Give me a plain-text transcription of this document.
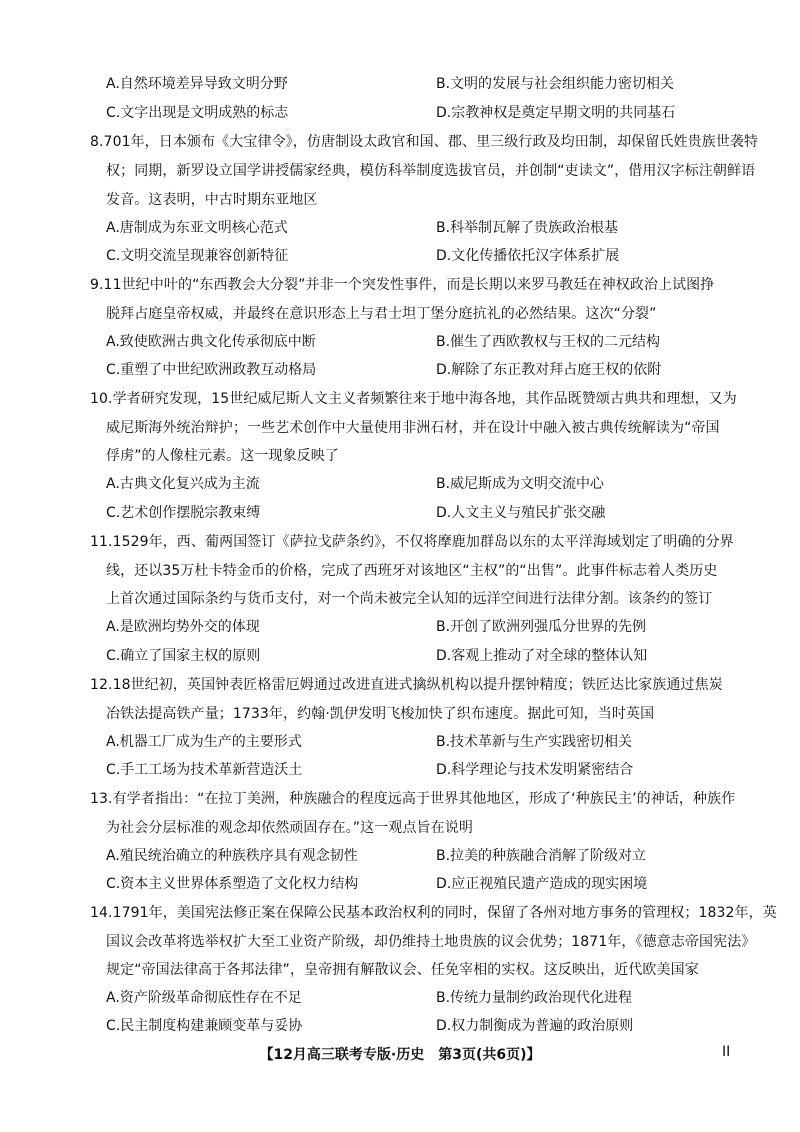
A.自然环境差异导致文明分野	B.文明的发展与社会组织能力密切相关
C.文字出现是文明成熟的标志	D.宗教神权是奠定早期文明的共同基石
8.701年，日本颁布《大宝律令》，仿唐制设太政官和国、郡、里三级行政及均田制，却保留氏姓贵族世袭特
权；同期，新罗设立国学讲授儒家经典，模仿科举制度选拔官员，并创制“吏读文”，借用汉字标注朝鲜语
发音。这表明，中古时期东亚地区
A.唐制成为东亚文明核心范式	B.科举制瓦解了贵族政治根基
C.文明交流呈现兼容创新特征	D.文化传播依托汉字体系扩展
9.11世纪中叶的“东西教会大分裂”并非一个突发性事件，而是长期以来罗马教廷在神权政治上试图挣
脱拜占庭皇帝权威，并最终在意识形态上与君士坦丁堡分庭抗礼的必然结果。这次“分裂”
A.致使欧洲古典文化传承彻底中断	B.催生了西欧教权与王权的二元结构
C.重塑了中世纪欧洲政教互动格局	D.解除了东正教对拜占庭王权的依附
10.学者研究发现，15世纪威尼斯人文主义者频繁往来于地中海各地，其作品既赞颂古典共和理想，又为
威尼斯海外统治辩护；一些艺术创作中大量使用非洲石材，并在设计中融入被古典传统解读为“帝国
俘虏”的人像柱元素。这一现象反映了
A.古典文化复兴成为主流	B.威尼斯成为文明交流中心
C.艺术创作摆脱宗教束缚	D.人文主义与殖民扩张交融
11.1529年，西、葡两国签订《萨拉戈萨条约》，不仅将摩鹿加群岛以东的太平洋海域划定了明确的分界
线，还以35万杜卡特金币的价格，完成了西班牙对该地区“主权”的“出售”。此事件标志着人类历史
上首次通过国际条约与货币支付，对一个尚未被完全认知的远洋空间进行法律分割。该条约的签订
A.是欧洲均势外交的体现	B.开创了欧洲列强瓜分世界的先例
C.确立了国家主权的原则	D.客观上推动了对全球的整体认知
12.18世纪初，英国钟表匠格雷厄姆通过改进直进式擒纵机构以提升摆钟精度；铁匠达比家族通过焦炭
冶铁法提高铁产量；1733年，约翰·凯伊发明飞梭加快了织布速度。据此可知，当时英国
A.机器工厂成为生产的主要形式	B.技术革新与生产实践密切相关
C.手工工场为技术革新营造沃土	D.科学理论与技术发明紧密结合
13.有学者指出：“在拉丁美洲，种族融合的程度远高于世界其他地区，形成了‘种族民主’的神话，种族作
为社会分层标准的观念却依然顽固存在。”这一观点旨在说明
A.殖民统治确立的种族秩序具有观念韧性	B.拉美的种族融合消解了阶级对立
C.资本主义世界体系塑造了文化权力结构	D.应正视殖民遗产造成的现实困境
14.1791年，美国宪法修正案在保障公民基本政治权利的同时，保留了各州对地方事务的管理权；1832年，英
国议会改革将选举权扩大至工业资产阶级，却仍维持土地贵族的议会优势；1871年，《德意志帝国宪法》
规定“帝国法律高于各邦法律”，皇帝拥有解散议会、任免宰相的实权。这反映出，近代欧美国家
A.资产阶级革命彻底性存在不足	B.传统力量制约政治现代化进程
C.民主制度构建兼顾变革与妥协	D.权力制衡成为普遍的政治原则
【12月高三联考专版·历史　第3页(共6页)】	II
